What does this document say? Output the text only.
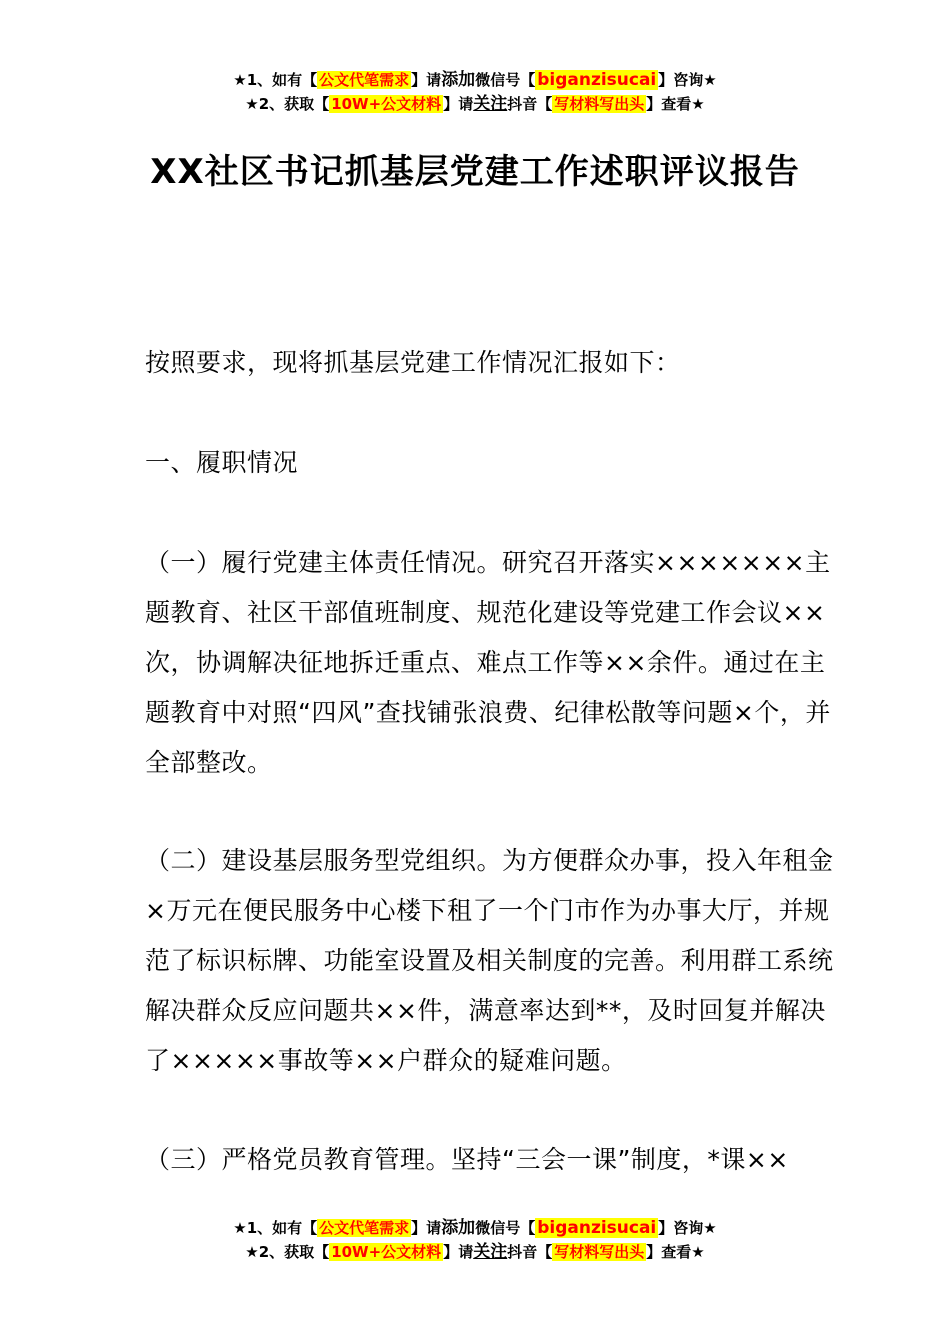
★1、如有【 公文代笔需求 】请添加微信号【 biganzisucai 】咨询★
★2、获取【 10W+公文材料 】请关注抖音【 写材料写出头 】查看★
XX社区书记抓基层党建工作述职评议报告

按照要求，现将抓基层党建工作情况汇报如下：

一、履职情况

（一）履行党建主体责任情况。研究召开落实×××××××主题教育、社区干部值班制度、规范化建设等党建工作会议××次，协调解决征地拆迁重点、难点工作等××余件。通过在主题教育中对照“四风”查找铺张浪费、纪律松散等问题×个，并全部整改。

（二）建设基层服务型党组织。为方便群众办事，投入年租金×万元在便民服务中心楼下租了一个门市作为办事大厅，并规范了标识标牌、功能室设置及相关制度的完善。利用群工系统解决群众反应问题共××件，满意率达到**，及时回复并解决了×××××事故等××户群众的疑难问题。

（三）严格党员教育管理。坚持“三会一课”制度，*课××

★1、如有【 公文代笔需求 】请添加微信号【 biganzisucai 】咨询★
★2、获取【 10W+公文材料 】请关注抖音【 写材料写出头 】查看★
